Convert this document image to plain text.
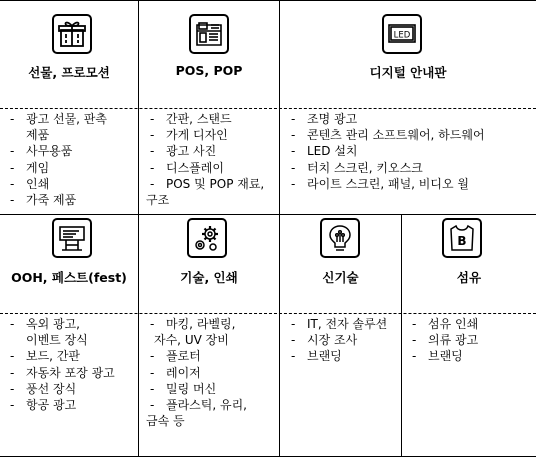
선물, 프로모션
- 광고 선물, 판촉
제품
- 사무용품
- 게임
- 인쇄
- 가죽 제품
POS, POP
- 간판, 스탠드
- 가게 디자인
- 광고 사진
- 디스플레이
- POS 및 POP 재료,
구조
LED
디지털 안내판
- 조명 광고
- 콘텐츠 관리 소프트웨어, 하드웨어
- LED 설치
- 터치 스크린, 키오스크
- 라이트 스크린, 패널, 비디오 월
OOH, 페스트(fest)
- 옥외 광고,
이벤트 장식
- 보드, 간판
- 자동차 포장 광고
- 풍선 장식
- 항공 광고
기술, 인쇄
- 마킹, 라벨링,
자수, UV 장비
- 플로터
- 레이저
- 밀링 머신
- 플라스틱, 유리,
금속 등
신기술
- IT, 전자 솔루션
- 시장 조사
- 브랜딩
B
섬유
- 섬유 인쇄
- 의류 광고
- 브랜딩
